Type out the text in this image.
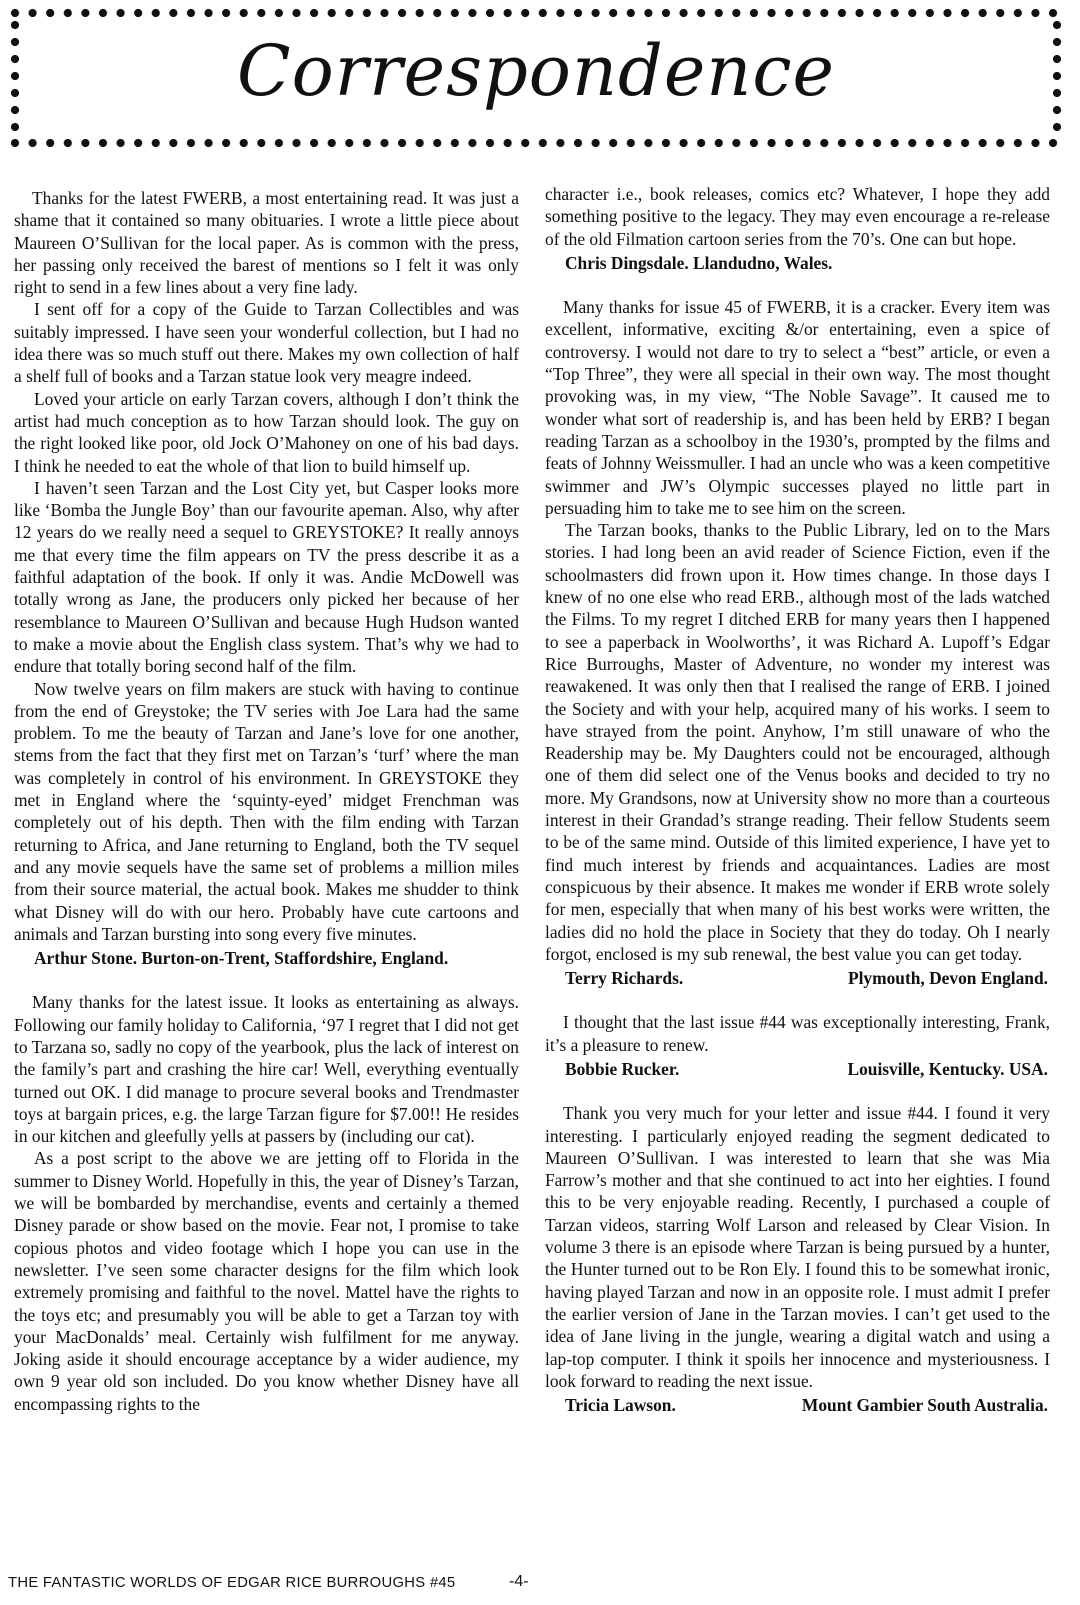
Correspondence

Thanks for the latest FWERB, a most entertaining read. It was just a shame that it contained so many obituaries. I wrote a little piece about Maureen O’Sullivan for the local paper. As is common with the press, her passing only received the barest of mentions so I felt it was only right to send in a few lines about a very fine lady.

I sent off for a copy of the Guide to Tarzan Collectibles and was suitably impressed. I have seen your wonderful collection, but I had no idea there was so much stuff out there. Makes my own collection of half a shelf full of books and a Tarzan statue look very meagre indeed.

Loved your article on early Tarzan covers, although I don’t think the artist had much conception as to how Tarzan should look. The guy on the right looked like poor, old Jock O’Mahoney on one of his bad days. I think he needed to eat the whole of that lion to build himself up.

I haven’t seen Tarzan and the Lost City yet, but Casper looks more like ‘Bomba the Jungle Boy’ than our favourite apeman. Also, why after 12 years do we really need a sequel to GREYSTOKE? It really annoys me that every time the film appears on TV the press describe it as a faithful adaptation of the book. If only it was. Andie McDowell was totally wrong as Jane, the producers only picked her because of her resemblance to Maureen O’Sullivan and because Hugh Hudson wanted to make a movie about the English class system. That’s why we had to endure that totally boring second half of the film.

Now twelve years on film makers are stuck with having to continue from the end of Greystoke; the TV series with Joe Lara had the same problem. To me the beauty of Tarzan and Jane’s love for one another, stems from the fact that they first met on Tarzan’s ‘turf’ where the man was completely in control of his environment. In GREYSTOKE they met in England where the ‘squinty-eyed’ midget Frenchman was completely out of his depth. Then with the film ending with Tarzan returning to Africa, and Jane returning to England, both the TV sequel and any movie sequels have the same set of problems a million miles from their source material, the actual book. Makes me shudder to think what Disney will do with our hero. Probably have cute cartoons and animals and Tarzan bursting into song every five minutes.

Arthur Stone. Burton-on-Trent, Staffordshire, England.

Many thanks for the latest issue. It looks as entertaining as always. Following our family holiday to California, ‘97 I regret that I did not get to Tarzana so, sadly no copy of the yearbook, plus the lack of interest on the family’s part and crashing the hire car! Well, everything eventually turned out OK. I did manage to procure several books and Trendmaster toys at bargain prices, e.g. the large Tarzan figure for $7.00!! He resides in our kitchen and gleefully yells at passers by (including our cat).

As a post script to the above we are jetting off to Florida in the summer to Disney World. Hopefully in this, the year of Disney’s Tarzan, we will be bombarded by merchandise, events and certainly a themed Disney parade or show based on the movie. Fear not, I promise to take copious photos and video footage which I hope you can use in the newsletter. I’ve seen some character designs for the film which look extremely promising and faithful to the novel. Mattel have the rights to the toys etc; and presumably you will be able to get a Tarzan toy with your MacDonalds’ meal. Certainly wish fulfilment for me anyway. Joking aside it should encourage acceptance by a wider audience, my own 9 year old son included. Do you know whether Disney have all encompassing rights to the

character i.e., book releases, comics etc? Whatever, I hope they add something positive to the legacy. They may even encourage a re-release of the old Filmation cartoon series from the 70’s. One can but hope.

Chris Dingsdale. Llandudno, Wales.

Many thanks for issue 45 of FWERB, it is a cracker. Every item was excellent, informative, exciting &/or entertaining, even a spice of controversy. I would not dare to try to select a “best” article, or even a “Top Three”, they were all special in their own way. The most thought provoking was, in my view, “The Noble Savage”. It caused me to wonder what sort of readership is, and has been held by ERB? I began reading Tarzan as a schoolboy in the 1930’s, prompted by the films and feats of Johnny Weissmuller. I had an uncle who was a keen competitive swimmer and JW’s Olympic successes played no little part in persuading him to take me to see him on the screen.

The Tarzan books, thanks to the Public Library, led on to the Mars stories. I had long been an avid reader of Science Fiction, even if the schoolmasters did frown upon it. How times change. In those days I knew of no one else who read ERB., although most of the lads watched the Films. To my regret I ditched ERB for many years then I happened to see a paperback in Woolworths’, it was Richard A. Lupoff’s Edgar Rice Burroughs, Master of Adventure, no wonder my interest was reawakened. It was only then that I realised the range of ERB. I joined the Society and with your help, acquired many of his works. I seem to have strayed from the point. Anyhow, I’m still unaware of who the Readership may be. My Daughters could not be encouraged, although one of them did select one of the Venus books and decided to try no more. My Grandsons, now at University show no more than a courteous interest in their Grandad’s strange reading. Their fellow Students seem to be of the same mind. Outside of this limited experience, I have yet to find much interest by friends and acquaintances. Ladies are most conspicuous by their absence. It makes me wonder if ERB wrote solely for men, especially that when many of his best works were written, the ladies did no hold the place in Society that they do today. Oh I nearly forgot, enclosed is my sub renewal, the best value you can get today.

Terry Richards.	Plymouth, Devon England.

I thought that the last issue #44 was exceptionally interesting, Frank, it’s a pleasure to renew.

Bobbie Rucker.	Louisville, Kentucky. USA.

Thank you very much for your letter and issue #44. I found it very interesting. I particularly enjoyed reading the segment dedicated to Maureen O’Sullivan. I was interested to learn that she was Mia Farrow’s mother and that she continued to act into her eighties. I found this to be very enjoyable reading. Recently, I purchased a couple of Tarzan videos, starring Wolf Larson and released by Clear Vision. In volume 3 there is an episode where Tarzan is being pursued by a hunter, the Hunter turned out to be Ron Ely. I found this to be somewhat ironic, having played Tarzan and now in an opposite role. I must admit I prefer the earlier version of Jane in the Tarzan movies. I can’t get used to the idea of Jane living in the jungle, wearing a digital watch and using a lap-top computer. I think it spoils her innocence and mysteriousness. I look forward to reading the next issue.

Tricia Lawson.	Mount Gambier South Australia.
THE FANTASTIC WORLDS OF EDGAR RICE BURROUGHS #45	-4-
